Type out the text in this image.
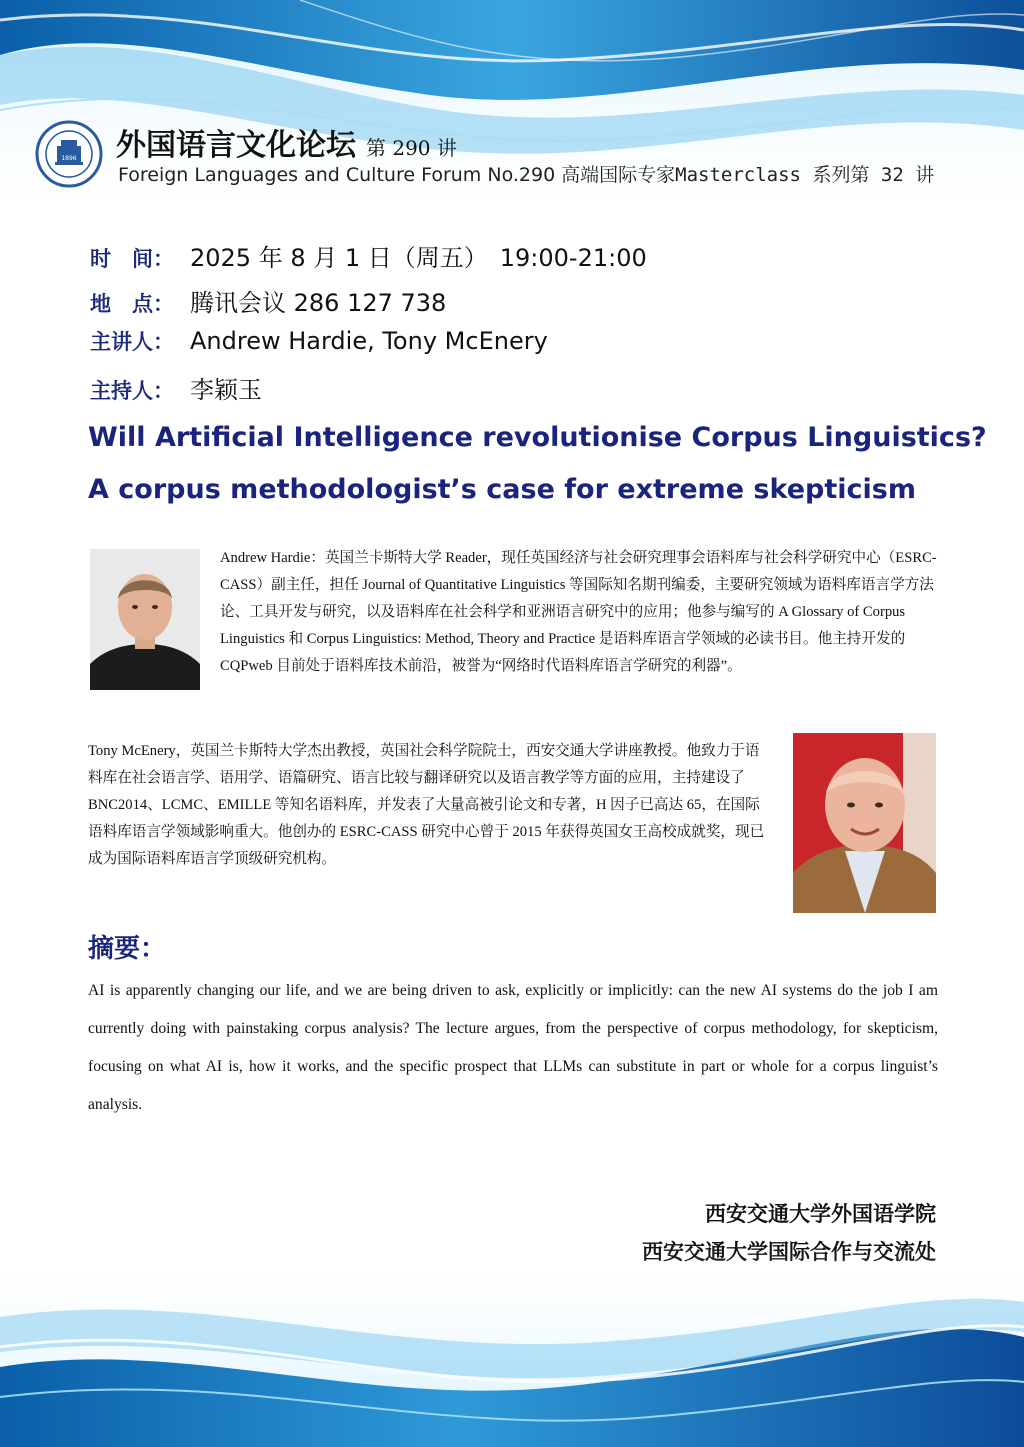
1896 外国语言文化论坛 第 290 讲
Foreign Languages and Culture Forum No.290 高端国际专家Masterclass 系列第 32 讲
时　间： 2025 年 8 月 1 日（周五）　19:00-21:00
地　点： 腾讯会议 286 127 738
主讲人： Andrew Hardie, Tony McEnery
主持人： 李颖玉
Will Artificial Intelligence revolutionise Corpus Linguistics?
A corpus methodologist’s case for extreme skepticism
Andrew Hardie：英国兰卡斯特大学 Reader，现任英国经济与社会研究理事会语料库与社会科学研究中心（ESRC-CASS）副主任，担任 Journal of Quantitative Linguistics 等国际知名期刊编委，主要研究领域为语料库语言学方法论、工具开发与研究，以及语料库在社会科学和亚洲语言研究中的应用；他参与编写的 A Glossary of Corpus Linguistics 和 Corpus Linguistics: Method, Theory and Practice 是语料库语言学领域的必读书目。他主持开发的 CQPweb 目前处于语料库技术前沿，被誉为“网络时代语料库语言学研究的利器”。
Tony McEnery，英国兰卡斯特大学杰出教授，英国社会科学院院士，西安交通大学讲座教授。他致力于语料库在社会语言学、语用学、语篇研究、语言比较与翻译研究以及语言教学等方面的应用，主持建设了 BNC2014、LCMC、EMILLE 等知名语料库，并发表了大量高被引论文和专著，H 因子已高达 65，在国际语料库语言学领域影响重大。他创办的 ESRC-CASS 研究中心曾于 2015 年获得英国女王高校成就奖，现已成为国际语料库语言学顶级研究机构。
摘要：
AI is apparently changing our life, and we are being driven to ask, explicitly or implicitly: can the new AI systems do the job I am currently doing with painstaking corpus analysis? The lecture argues, from the perspective of corpus methodology, for skepticism, focusing on what AI is, how it works, and the specific prospect that LLMs can substitute in part or whole for a corpus linguist’s analysis.
西安交通大学外国语学院
